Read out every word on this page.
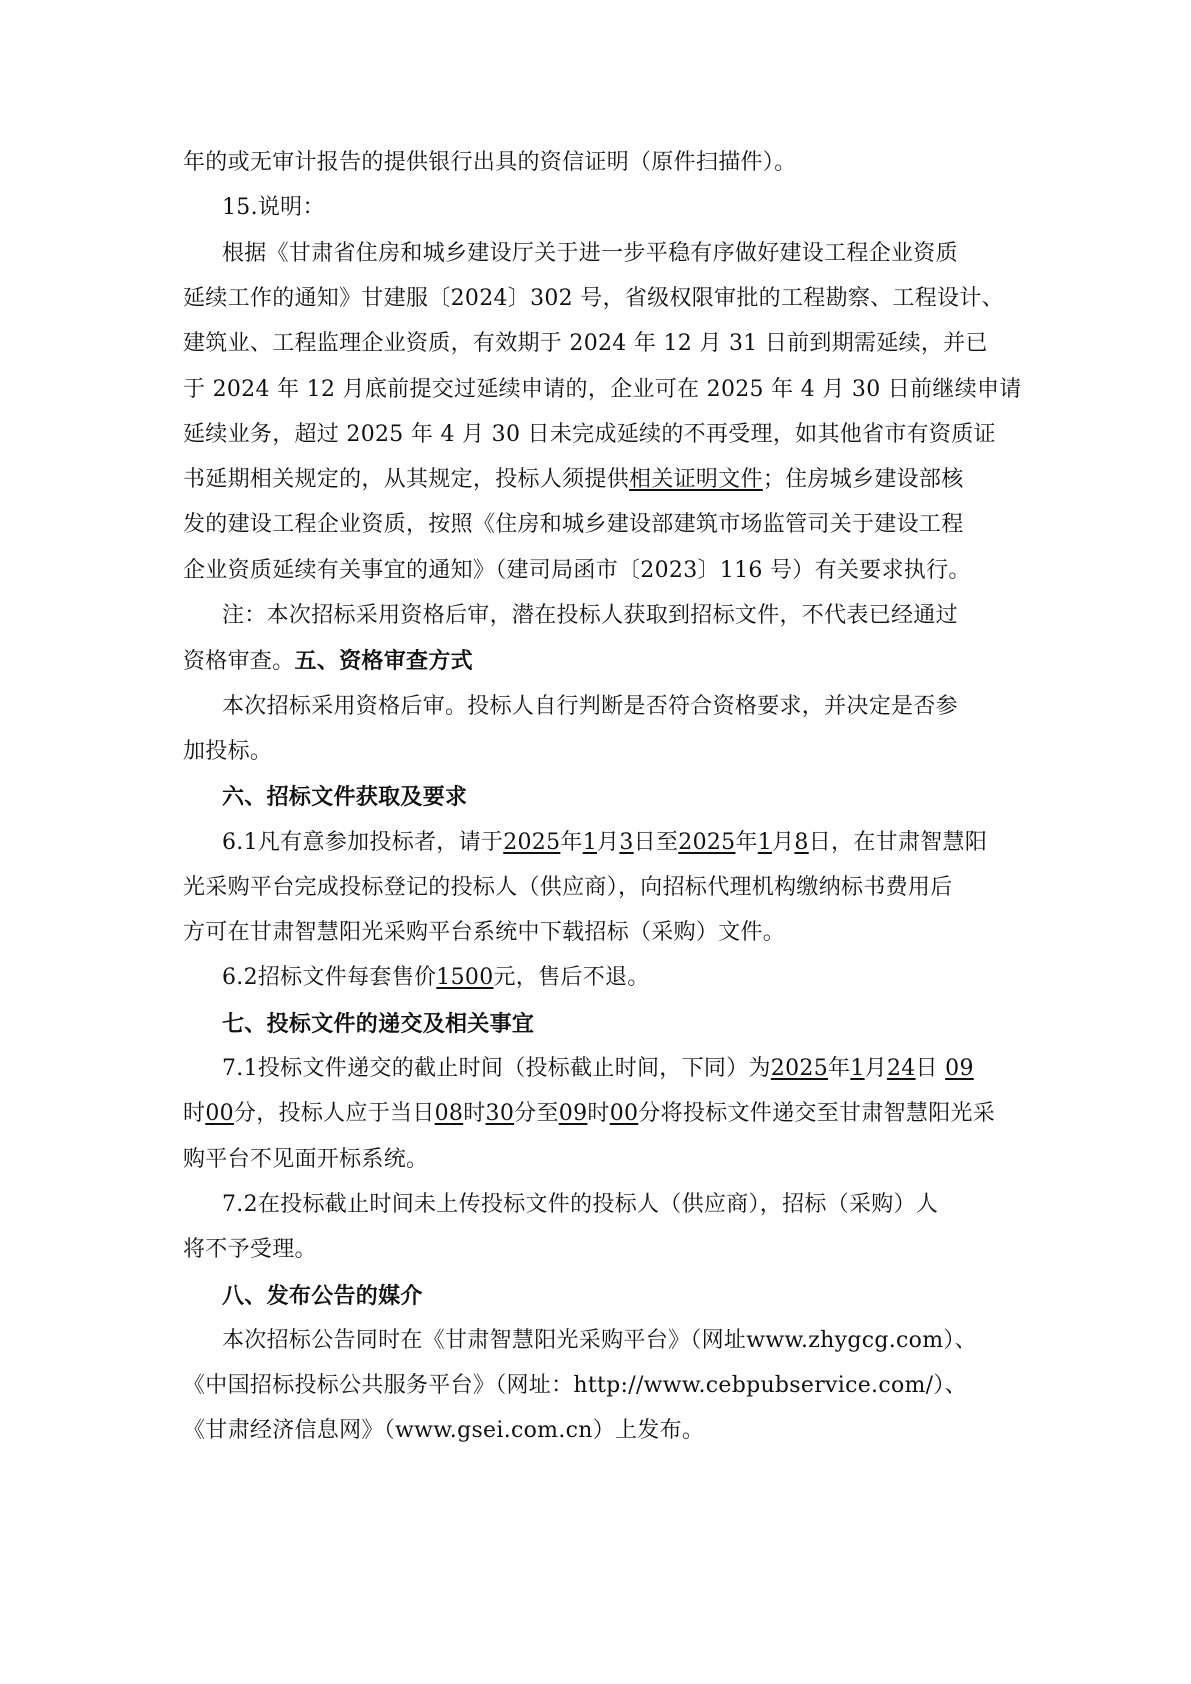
年的或无审计报告的提供银行出具的资信证明（原件扫描件）。
15.说明：
根据《甘肃省住房和城乡建设厅关于进一步平稳有序做好建设工程企业资质
延续工作的通知》甘建服〔2024〕302 号，省级权限审批的工程勘察、工程设计、
建筑业、工程监理企业资质，有效期于 2024 年 12 月 31 日前到期需延续，并已
于 2024 年 12 月底前提交过延续申请的，企业可在 2025 年 4 月 30 日前继续申请
延续业务，超过 2025 年 4 月 30 日未完成延续的不再受理，如其他省市有资质证
书延期相关规定的，从其规定，投标人须提供相关证明文件；住房城乡建设部核
发的建设工程企业资质，按照《住房和城乡建设部建筑市场监管司关于建设工程
企业资质延续有关事宜的通知》（建司局函市〔2023〕116 号）有关要求执行。
注：本次招标采用资格后审，潜在投标人获取到招标文件，不代表已经通过
资格审查。五、资格审查方式
本次招标采用资格后审。投标人自行判断是否符合资格要求，并决定是否参
加投标。
六、招标文件获取及要求
6.1凡有意参加投标者，请于2025年1月3日至2025年1月8日，在甘肃智慧阳
光采购平台完成投标登记的投标人（供应商），向招标代理机构缴纳标书费用后
方可在甘肃智慧阳光采购平台系统中下载招标（采购）文件。
6.2招标文件每套售价1500元，售后不退。
七、投标文件的递交及相关事宜
7.1投标文件递交的截止时间（投标截止时间，下同）为2025年1月24日 09
时00分，投标人应于当日08时30分至09时00分将投标文件递交至甘肃智慧阳光采
购平台不见面开标系统。
7.2在投标截止时间未上传投标文件的投标人（供应商），招标（采购）人
将不予受理。
八、发布公告的媒介
本次招标公告同时在《甘肃智慧阳光采购平台》（网址www.zhygcg.com）、
《中国招标投标公共服务平台》（网址：http://www.cebpubservice.com/）、
《甘肃经济信息网》（www.gsei.com.cn）上发布。
